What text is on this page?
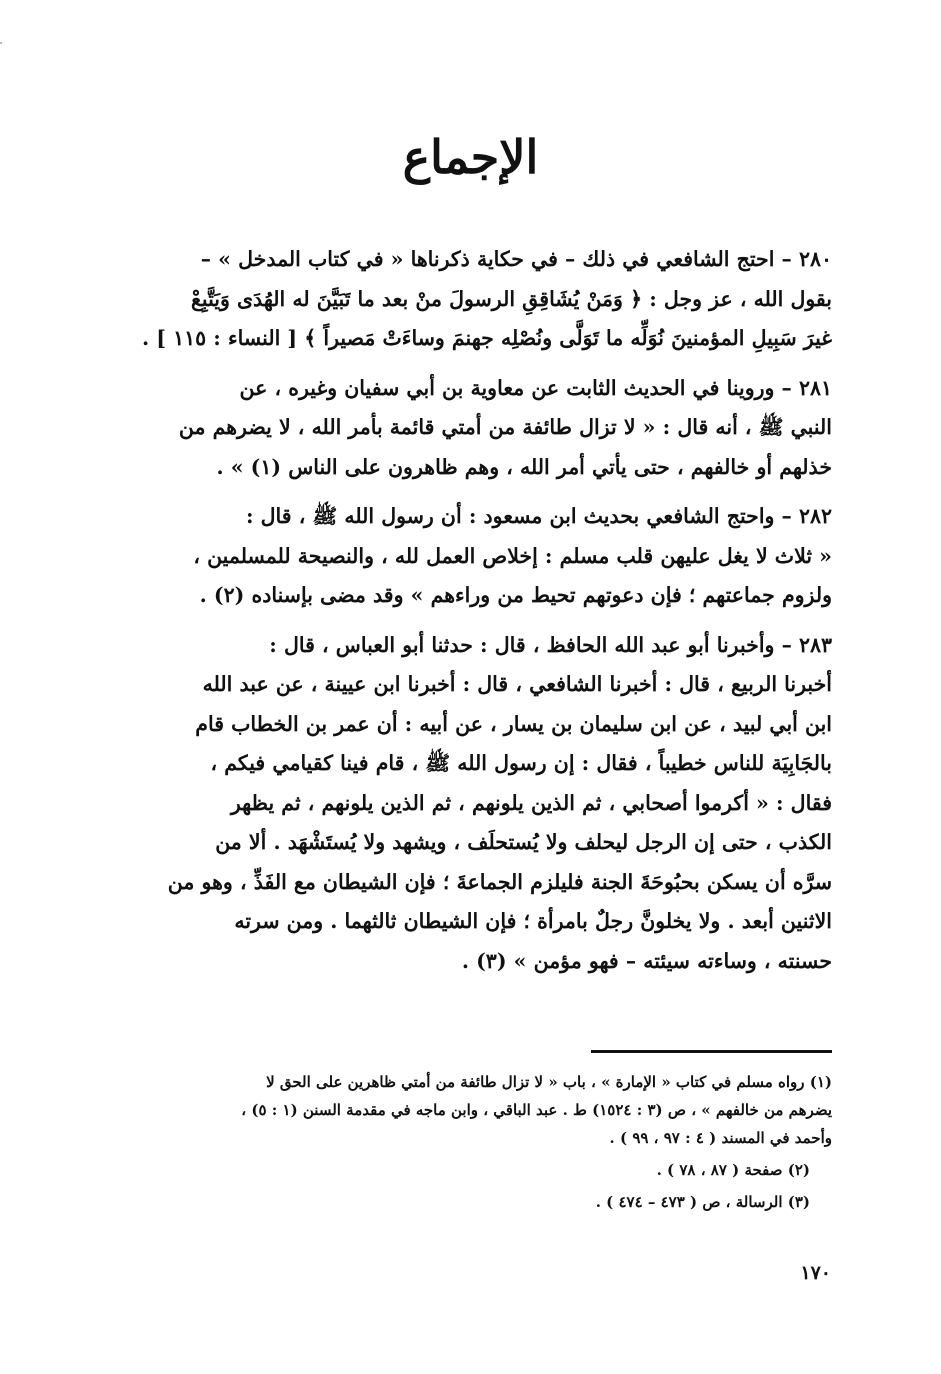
الإجماع

٢٨٠ – احتج الشافعي في ذلك – في حكاية ذكرناها « في كتاب المدخل » –
بقول الله ، عز وجل : ﴿ وَمَنْ يُشَاقِقِ الرسولَ منْ بعد ما تَبَيَّنَ له الهُدَى وَيَتَّبِعْ
غيرَ سَبِيلِ المؤمنينَ نُوَلِّه ما تَوَلَّى ونُصْلِه جهنمَ وساءَتْ مَصيراً ﴾ [ النساء : ١١٥ ] .

٢٨١ – وروينا في الحديث الثابت عن معاوية بن أبي سفيان وغيره ، عن
النبي ﷺ ، أنه قال : « لا تزال طائفة من أمتي قائمة بأمر الله ، لا يضرهم من
خذلهم أو خالفهم ، حتى يأتي أمر الله ، وهم ظاهرون على الناس (١) » .

٢٨٢ – واحتج الشافعي بحديث ابن مسعود : أن رسول الله ﷺ ، قال :
« ثلاث لا يغل عليهن قلب مسلم : إخلاص العمل لله ، والنصيحة للمسلمين ،
ولزوم جماعتهم ؛ فإن دعوتهم تحيط من وراءهم » وقد مضى بإسناده (٢) .

٢٨٣ – وأخبرنا أبو عبد الله الحافظ ، قال : حدثنا أبو العباس ، قال :
أخبرنا الربيع ، قال : أخبرنا الشافعي ، قال : أخبرنا ابن عيينة ، عن عبد الله
ابن أبي لبيد ، عن ابن سليمان بن يسار ، عن أبيه : أن عمر بن الخطاب قام
بالجَابِيَة للناس خطيباً ، فقال : إن رسول الله ﷺ ، قام فينا كقيامي فيكم ،
فقال : « أكرموا أصحابي ، ثم الذين يلونهم ، ثم الذين يلونهم ، ثم يظهر
الكذب ، حتى إن الرجل ليحلف ولا يُستحلَف ، ويشهد ولا يُستَشْهَد . ألا من
سرَّه أن يسكن بحبُوحَةَ الجنة فليلزم الجماعةَ ؛ فإن الشيطان مع الفَذِّ ، وهو من
الاثنين أبعد . ولا يخلونَّ رجلٌ بامرأة ؛ فإن الشيطان ثالثهما . ومن سرته
حسنته ، وساءته سيئته – فهو مؤمن » (٣) .

(١) رواه مسلم في كتاب « الإمارة » ، باب « لا تزال طائفة من أمتي ظاهرين على الحق لا
يضرهم من خالفهم » ، ص (٣ : ١٥٢٤) ط . عبد الباقي ، وابن ماجه في مقدمة السنن (١ : ٥) ،
وأحمد في المسند ( ٤ : ٩٧ ، ٩٩ ) .
(٢) صفحة ( ٨٧ ، ٧٨ ) .
(٣) الرسالة ، ص ( ٤٧٣ – ٤٧٤ ) .
١٧٠
